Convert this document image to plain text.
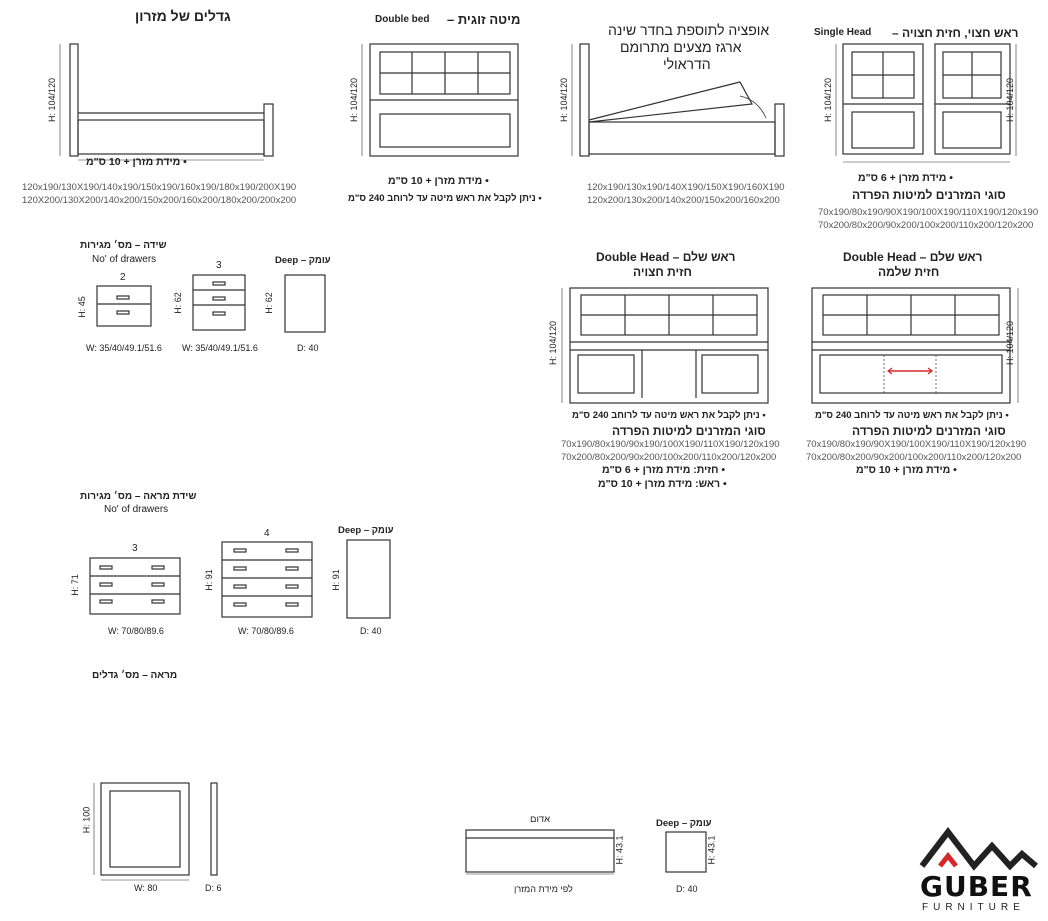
גדלים של מזרון
H: 104/120
• מידת מזרן + 10 ס"מ
120x190/130X190/140x190/150x190/160x190/180x190/200X190
120X200/130X200/140x200/150x200/160x200/180x200/200x200
מיטה זוגית –
Double bed
H: 104/120
• מידת מזרן + 10 ס"מ
• ניתן לקבל את ראש מיטה עד לרוחב 240 ס"מ
אופציה לתוספת בחדר שינה
ארגז מצעים מתרומם
הדראולי
H: 104/120
120x190/130x190/140X190/150X190/160X190
120x200/130x200/140x200/150x200/160x200
ראש חצוי, חזית חצויה –
Single Head
H: 104/120	H: 104/120
• מידת מזרן + 6 ס"מ
סוגי המזרנים למיטות הפרדה
70x190/80x190/90X190/100X190/110X190/120x190
70x200/80x200/90x200/100x200/110x200/120x200
שידה – מס׳ מגירות
No' of drawers
2
3	Deep – עומק
H: 45	H: 62	H: 62
W: 35/40/49.1/51.6 W: 35/40/49.1/51.6	D: 40
Double Head – ראש שלם
חזית חצויה
H: 104/120
• ניתן לקבל את ראש מיטה עד לרוחב 240 ס"מ
סוגי המזרנים למיטות הפרדה
70x190/80x190/90x190/100X190/110X190/120x190
70x200/80x200/90x200/100x200/110x200/120x200
• חזית: מידת מזרן + 6 ס"מ
• ראש: מידת מזרן + 10 ס"מ
Double Head – ראש שלם
חזית שלמה
H: 104/120
• ניתן לקבל את ראש מיטה עד לרוחב 240 ס"מ
סוגי המזרנים למיטות הפרדה
70x190/80x190/90X190/100X190/110X190/120x190
70x200/80x200/90x200/100x200/110x200/120x200
• מידת מזרן + 10 ס"מ
שידת מראה – מס׳ מגירות
No' of drawers
3
4	Deep – עומק
H: 71	H: 91	H: 91
W: 70/80/89.6	W: 70/80/89.6	D: 40
מראה – מס׳ גדלים
H: 100
W: 80	D: 6
אדום
לפי מידת המזרן
H: 43.1
Deep – עומק
H: 43.1
D: 40	GUBER
FURNITURE
